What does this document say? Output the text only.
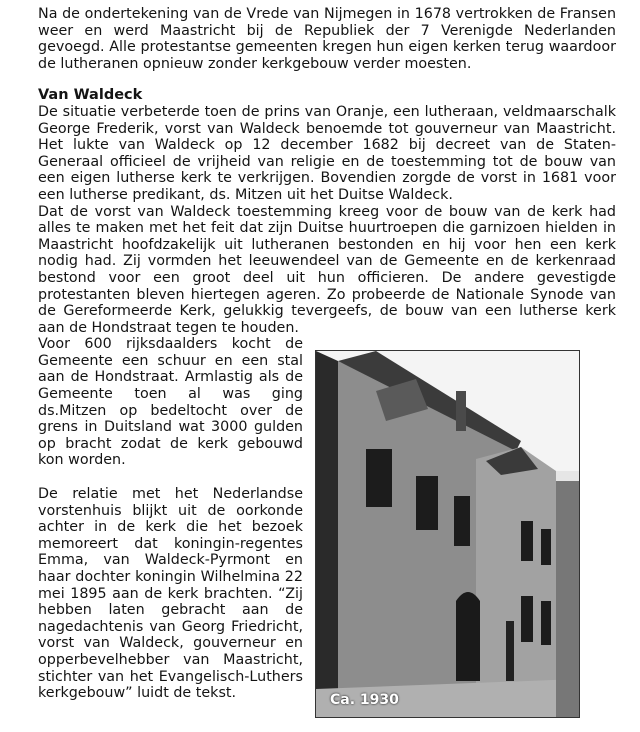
Na de ondertekening van de Vrede van Nijmegen in 1678 vertrokken de Fransen weer en werd Maastricht bij de Republiek der 7 Verenigde Nederlanden gevoegd. Alle protestantse gemeenten kregen hun eigen kerken terug waardoor de lutheranen opnieuw zonder kerkgebouw verder moesten.

Van Waldeck

De situatie verbeterde toen de prins van Oranje, een lutheraan, veldmaarschalk George Frederik, vorst van Waldeck benoemde tot gouverneur van Maastricht. Het lukte van Waldeck op 12 december 1682 bij decreet van de Staten-Generaal officieel de vrijheid van religie en de toestemming tot de bouw van een eigen lutherse kerk te verkrijgen. Bovendien zorgde de vorst in 1681 voor een lutherse predikant, ds. Mitzen uit het Duitse Waldeck.

Dat de vorst van Waldeck toestemming kreeg voor de bouw van de kerk had alles te maken met het feit dat zijn Duitse huurtroepen die garnizoen hielden in Maastricht hoofdzakelijk uit lutheranen bestonden en hij voor hen een kerk nodig had. Zij vormden het leeuwendeel van de Gemeente en de kerkenraad bestond voor een groot deel uit hun officieren. De andere gevestigde protestanten bleven hiertegen ageren. Zo probeerde de Nationale Synode van de Gereformeerde Kerk, gelukkig tevergeefs, de bouw van een lutherse kerk aan de Hondstraat tegen te houden.

Voor 600 rijksdaalders kocht de Gemeente een schuur en een stal aan de Hondstraat. Armlastig als de Gemeente toen al was ging ds.Mitzen op bedeltocht over de grens in Duitsland wat 3000 gulden op bracht zodat de kerk gebouwd kon worden.

De relatie met het Nederlandse vorstenhuis blijkt uit de oorkonde achter in de kerk die het bezoek memoreert dat koningin-regentes Emma, van Waldeck-Pyrmont en haar dochter koningin Wilhelmina 22 mei 1895 aan de kerk brachten. “Zij hebben laten gebracht aan de nagedachtenis van Georg Friedricht, vorst van Waldeck, gouverneur en opperbevelhebber van Maastricht, stichter van het Evangelisch-Luthers kerkgebouw” luidt de tekst.	Ca. 1930
